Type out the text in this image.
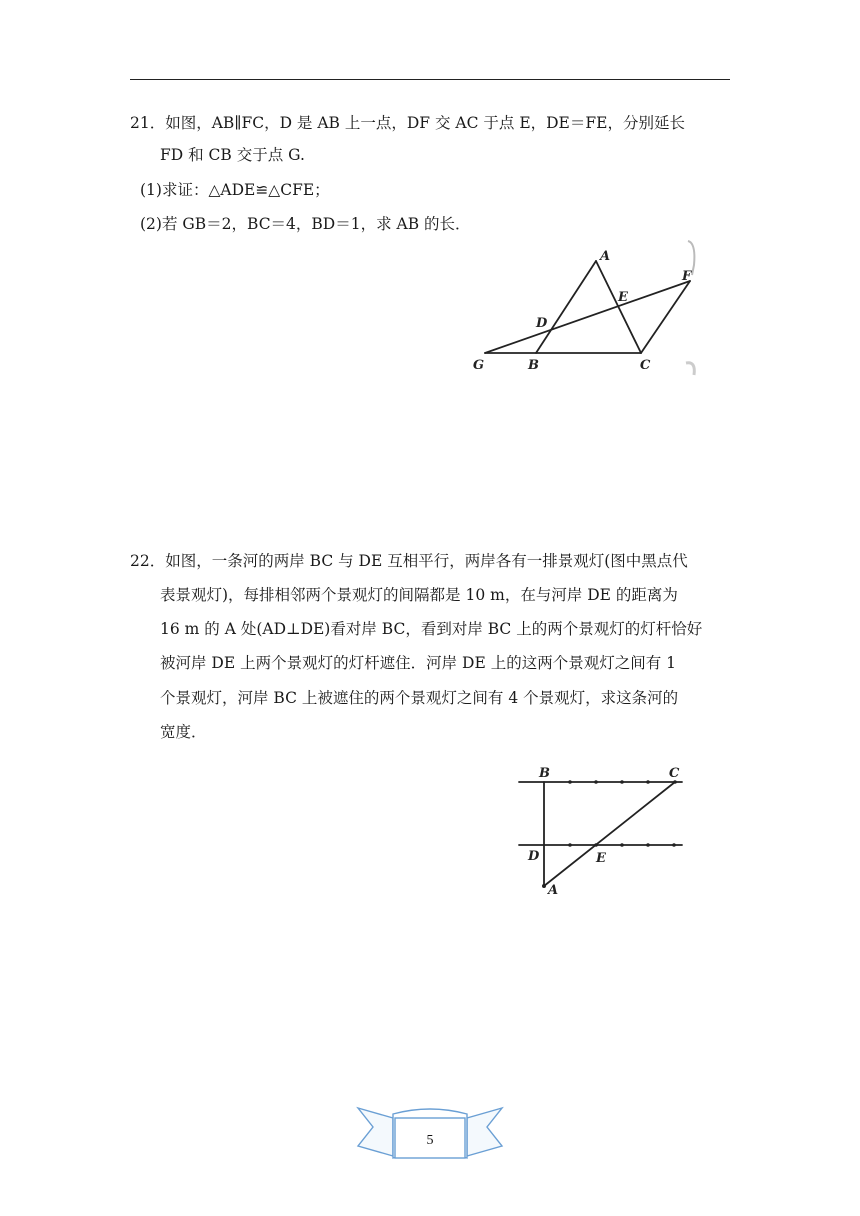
21．如图，AB∥FC，D 是 AB 上一点，DF 交 AC 于点 E，DE＝FE，分别延长
FD 和 CB 交于点 G.
(1)求证：△ADE≌△CFE；
(2)若 GB＝2，BC＝4，BD＝1，求 AB 的长．
A
E
F
D
G	B	C
22．如图，一条河的两岸 BC 与 DE 互相平行，两岸各有一排景观灯(图中黑点代
表景观灯)，每排相邻两个景观灯的间隔都是 10 m，在与河岸 DE 的距离为
16 m 的 A 处(AD⊥DE)看对岸 BC，看到对岸 BC 上的两个景观灯的灯杆恰好
被河岸 DE 上两个景观灯的灯杆遮住．河岸 DE 上的这两个景观灯之间有 1
个景观灯，河岸 BC 上被遮住的两个景观灯之间有 4 个景观灯，求这条河的
宽度．
B	C
D	E
A
5
